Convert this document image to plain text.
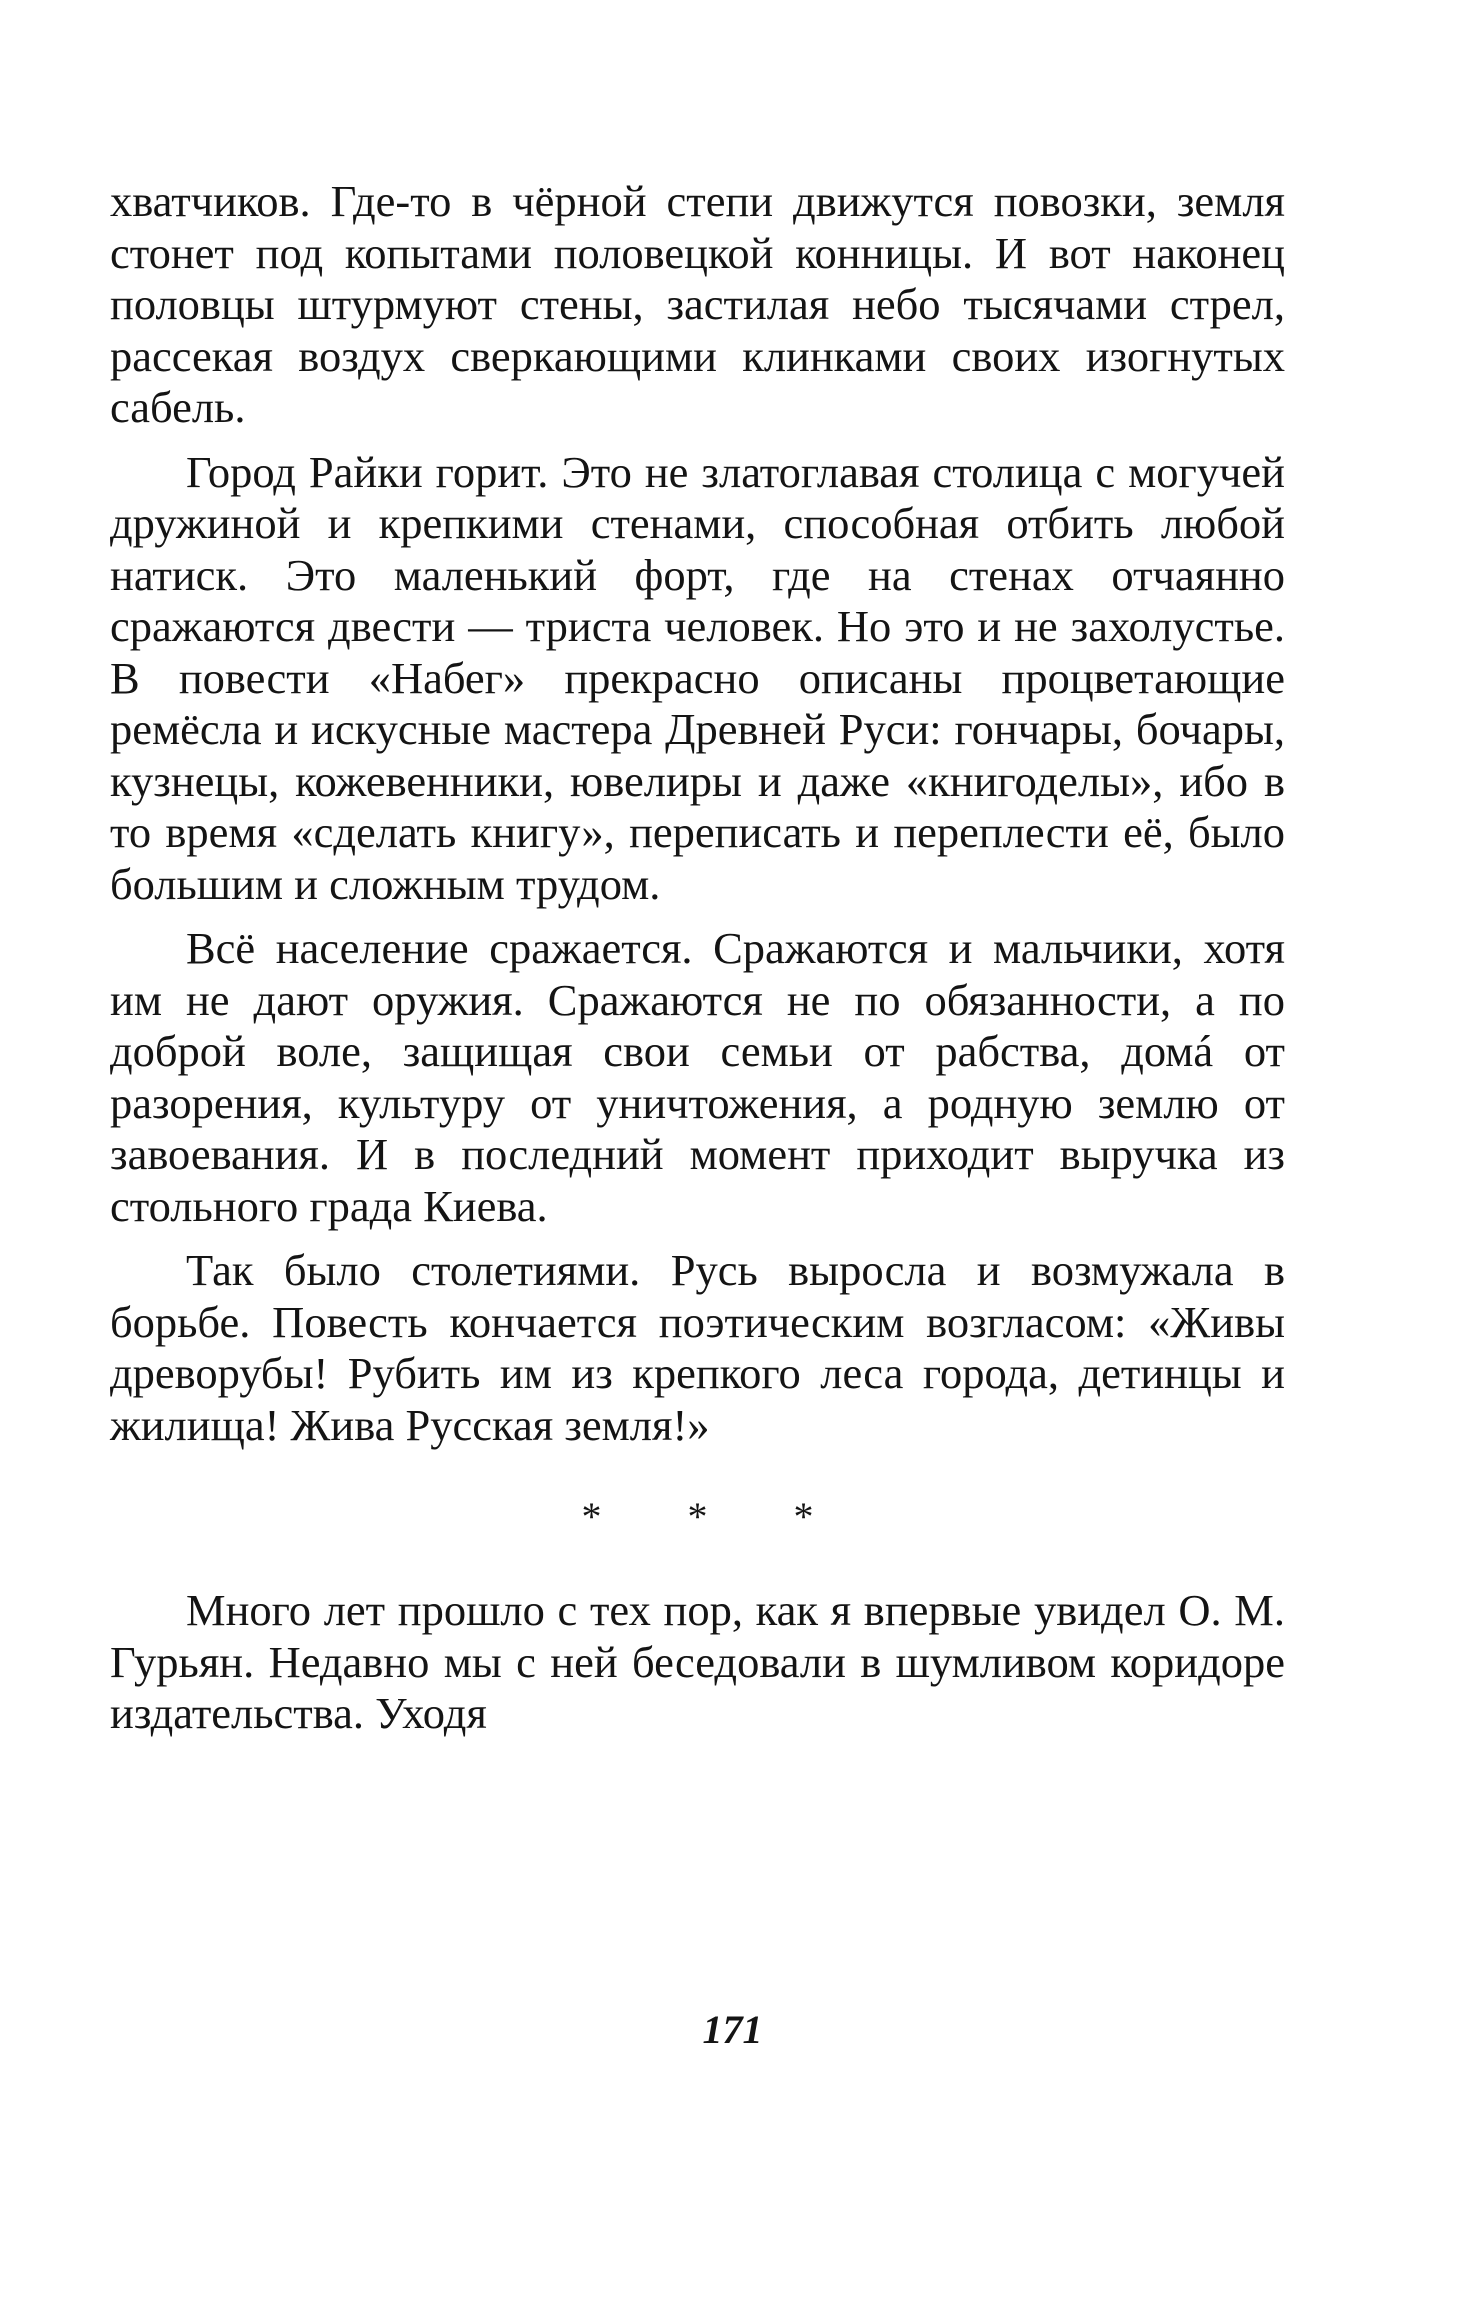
хватчиков. Где-то в чёрной степи движутся повозки, земля стонет под копытами половецкой конницы. И вот наконец половцы штурмуют стены, застилая небо тысячами стрел, рассекая воздух сверкающими клинками своих изогнутых сабель.

Город Райки горит. Это не златоглавая столица с могучей дружиной и крепкими стенами, способная отбить любой натиск. Это маленький форт, где на стенах отчаянно сражаются двести — триста человек. Но это и не захолустье. В повести «Набег» прекрасно описаны процветающие ремёсла и искусные мастера Древней Руси: гончары, бочары, кузнецы, кожевенники, ювелиры и даже «книгоделы», ибо в то время «сделать книгу», переписать и переплести её, было большим и сложным трудом.

Всё население сражается. Сражаются и мальчики, хотя им не дают оружия. Сражаются не по обязанности, а по доброй воле, защищая свои семьи от рабства, домá от разорения, культуру от уничтожения, а родную землю от завоевания. И в последний момент приходит выручка из стольного града Киева.

Так было столетиями. Русь выросла и возмужала в борьбе. Повесть кончается поэтическим возгласом: «Живы древорубы! Рубить им из крепкого леса города, детинцы и жилища! Жива Русская земля!»

* * *

Много лет прошло с тех пор, как я впервые увидел О. М. Гурьян. Недавно мы с ней беседовали в шумливом коридоре издательства. Уходя

171
